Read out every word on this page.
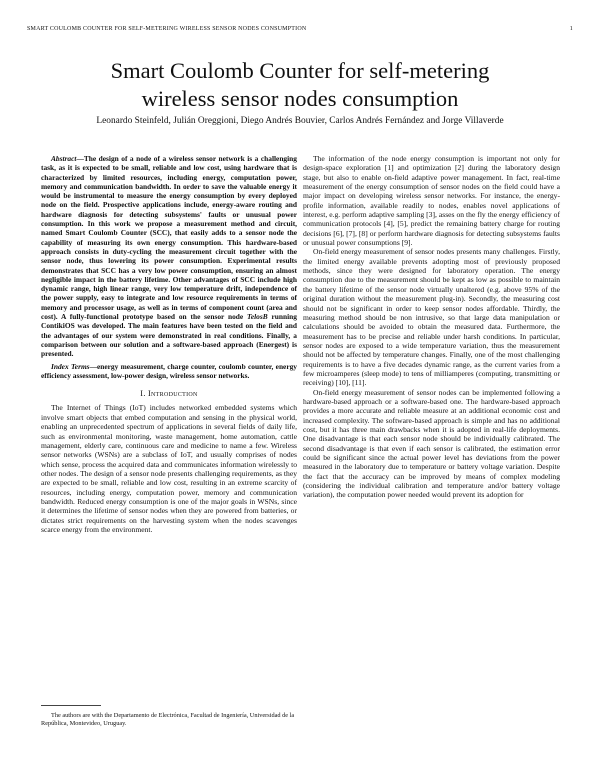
SMART COULOMB COUNTER FOR SELF-METERING WIRELESS SENSOR NODES CONSUMPTION	1
Smart Coulomb Counter for self-metering
wireless sensor nodes consumption
Leonardo Steinfeld, Julián Oreggioni, Diego Andrés Bouvier, Carlos Andrés Fernández and Jorge Villaverde

Abstract—The design of a node of a wireless sensor network is a challenging task, as it is expected to be small, reliable and low cost, using hardware that is characterized by limited resources, including energy, computation power, memory and communication bandwidth. In order to save the valuable energy it would be instrumental to measure the energy consumption by every deployed node on the field. Prospective applications include, energy-aware routing and hardware diagnosis for detecting subsystems' faults or unusual power consumption. In this work we propose a measurement method and circuit, named Smart Coulomb Counter (SCC), that easily adds to a sensor node the capability of measuring its own energy consumption. This hardware-based approach consists in duty-cycling the measurement circuit together with the sensor node, thus lowering its power consumption. Experimental results demonstrates that SCC has a very low power consumption, ensuring an almost negligible impact in the battery lifetime. Other advantages of SCC include high dynamic range, high linear range, very low temperature drift, independence of the power supply, easy to integrate and low resource requirements in terms of memory and processor usage, as well as in terms of component count (area and cost). A fully-functional prototype based on the sensor node TelosB running ContikiOS was developed. The main features have been tested on the field and the advantages of our system were demonstrated in real conditions. Finally, a comparison between our solution and a software-based approach (Energest) is presented.

Index Terms—energy measurement, charge counter, coulomb counter, energy efficiency assessment, low-power design, wireless sensor networks.

I. Introduction

The Internet of Things (IoT) includes networked embedded systems which involve smart objects that embed computation and sensing in the physical world, enabling an unprecedented spectrum of applications in several fields of daily life, such as environmental monitoring, waste management, home automation, cattle management, elderly care, continuous care and medicine to name a few. Wireless sensor networks (WSNs) are a subclass of IoT, and usually comprises of nodes which sense, process the acquired data and communicates information wirelessly to other nodes. The design of a sensor node presents challenging requirements, as they are expected to be small, reliable and low cost, resulting in an extreme scarcity of resources, including energy, computation power, memory and communication bandwidth. Reduced energy consumption is one of the major goals in WSNs, since it determines the lifetime of sensor nodes when they are powered from batteries, or dictates strict requirements on the harvesting system when the nodes scavenges scarce energy from the environment.

The authors are with the Departamento de Electrónica, Facultad de Ingeniería, Universidad de la República, Montevideo, Uruguay.

The information of the node energy consumption is important not only for design-space exploration [1] and optimization [2] during the laboratory design stage, but also to enable on-field adaptive power management. In fact, real-time measurement of the energy consumption of sensor nodes on the field could have a major impact on developing wireless sensor networks. For instance, the energy-profile information, available readily to nodes, enables novel applications of interest, e.g. perform adaptive sampling [3], asses on the fly the energy efficiency of communication protocols [4], [5], predict the remaining battery charge for routing decisions [6], [7], [8] or perform hardware diagnosis for detecting subsystems faults or unusual power consumptions [9].

On-field energy measurement of sensor nodes presents many challenges. Firstly, the limited energy available prevents adopting most of previously proposed methods, since they were designed for laboratory operation. The energy consumption due to the measurement should be kept as low as possible to maintain the battery lifetime of the sensor node virtually unaltered (e.g. above 95% of the original duration without the measurement plug-in). Secondly, the measuring cost should not be significant in order to keep sensor nodes affordable. Thirdly, the measuring method should be non intrusive, so that large data manipulation or calculations should be avoided to obtain the measured data. Furthermore, the measurement has to be precise and reliable under harsh conditions. In particular, sensor nodes are exposed to a wide temperature variation, thus the measurement should not be affected by temperature changes. Finally, one of the most challenging requirements is to have a five decades dynamic range, as the current varies from a few microamperes (sleep mode) to tens of milliamperes (computing, transmitting or receiving) [10], [11].

On-field energy measurement of sensor nodes can be implemented following a hardware-based approach or a software-based one. The hardware-based approach provides a more accurate and reliable measure at an additional economic cost and increased complexity. The software-based approach is simple and has no additional cost, but it has three main drawbacks when it is adopted in real-life deployments. One disadvantage is that each sensor node should be individually calibrated. The second disadvantage is that even if each sensor is calibrated, the estimation error could be significant since the actual power level has deviations from the power measured in the laboratory due to temperature or battery voltage variation. Despite the fact that the accuracy can be improved by means of complex modeling (considering the individual calibration and temperature and/or battery voltage variation), the computation power needed would prevent its adoption for
